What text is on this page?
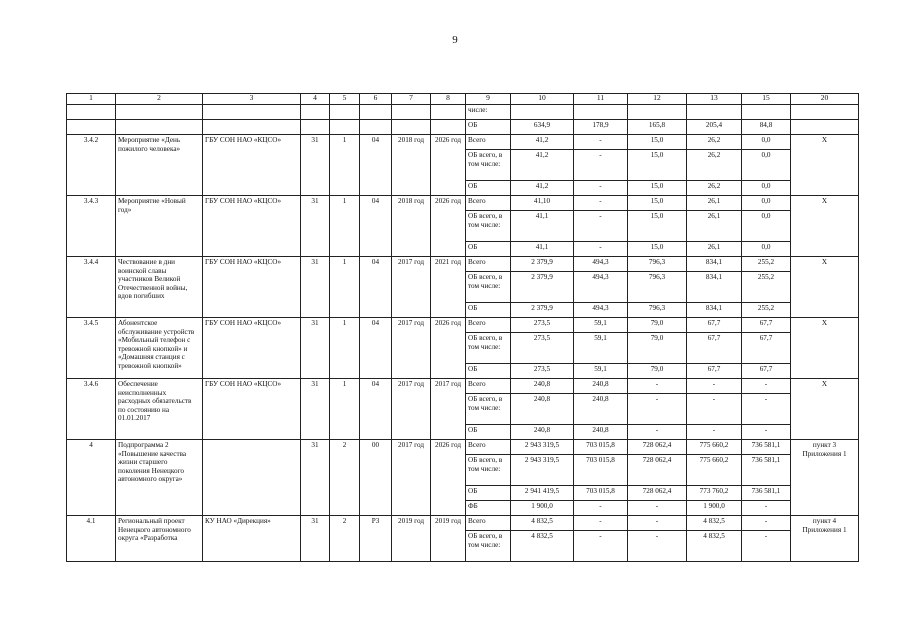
9
1	2	3	4	5	6	7	8	9	10	11	12	13	15	20
								числе:						
								ОБ	634,9	178,9	165,8	205,4	84,8	
3.4.2	Мероприятие «День пожилого человека»	ГБУ СОН НАО «КЦСО»	31	1	04	2018 год	2026 год	Всего	41,2	-	15,0	26,2	0,0	Х
								ОБ всего, в том числе:	41,2	-	15,0	26,2	0,0	
								ОБ	41,2	-	15,0	26,2	0,0	
3.4.3	Мероприятие «Новый год»	ГБУ СОН НАО «КЦСО»	31	1	04	2018 год	2026 год	Всего	41,10	-	15,0	26,1	0,0	Х
								ОБ всего, в том числе:	41,1	-	15,0	26,1	0,0	
								ОБ	41,1	-	15,0	26,1	0,0	
3.4.4	Чествование в дни воинской славы участников Великой Отечественной войны, вдов погибших	ГБУ СОН НАО «КЦСО»	31	1	04	2017 год	2021 год	Всего	2 379,9	494,3	796,3	834,1	255,2	Х
								ОБ всего, в том числе:	2 379,9	494,3	796,3	834,1	255,2	
								ОБ	2 379,9	494,3	796,3	834,1	255,2	
3.4.5	Абонентское обслуживание устройств «Мобильный телефон с тревожной кнопкой» и «Домашняя станция с тревожной кнопкой»	ГБУ СОН НАО «КЦСО»	31	1	04	2017 год	2026 год	Всего	273,5	59,1	79,0	67,7	67,7	Х
								ОБ всего, в том числе:	273,5	59,1	79,0	67,7	67,7	
								ОБ	273,5	59,1	79,0	67,7	67,7	
3.4.6	Обеспечение неисполненных расходных обязательств по состоянию на 01.01.2017	ГБУ СОН НАО «КЦСО»	31	1	04	2017 год	2017 год	Всего	240,8	240,8	-	-	-	Х
								ОБ всего, в том числе:	240,8	240,8	-	-	-	
								ОБ	240,8	240,8	-	-	-	
4	Подпрограмма 2 «Повышение качества жизни старшего поколения Ненецкого автономного округа»		31	2	00	2017 год	2026 год	Всего	2 943 319,5	703 015,8	728 062,4	775 660,2	736 581,1	пункт 3 Приложения 1
								ОБ всего, в том числе:	2 943 319,5	703 015,8	728 062,4	775 660,2	736 581,1	
								ОБ	2 941 419,5	703 015,8	728 062,4	773 760,2	736 581,1	
								ФБ	1 900,0	-	-	1 900,0	-	
4.1	Региональный проект Ненецкого автономного округа «Разработка	КУ НАО «Дирекция»	31	2	Р3	2019 год	2019 год	Всего	4 832,5	-	-	4 832,5	-	пункт 4 Приложения 1
								ОБ всего, в том числе:	4 832,5	-	-	4 832,5	-	
